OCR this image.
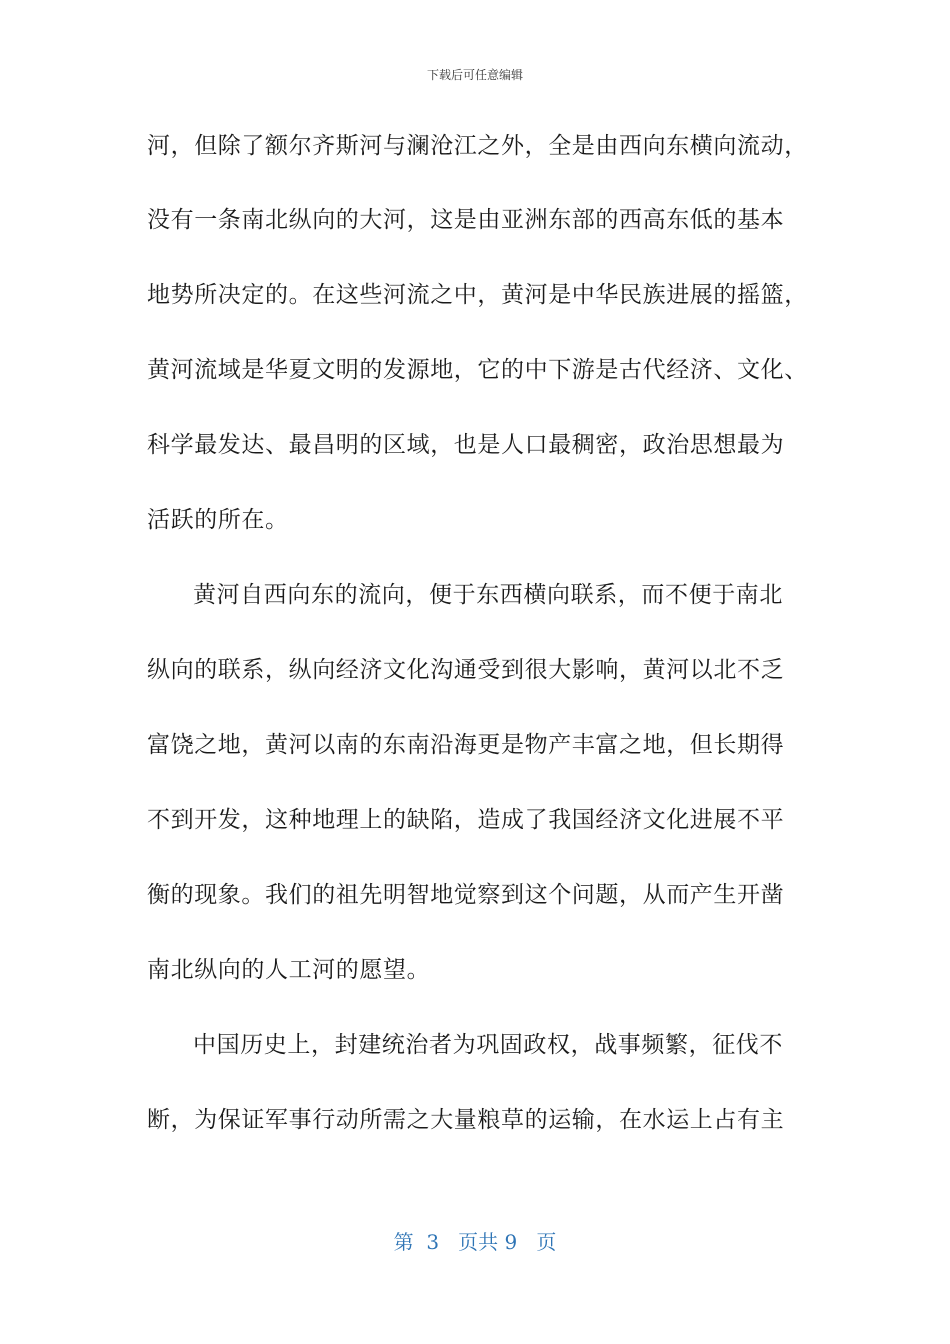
下载后可任意编辑
河，但除了额尔齐斯河与澜沧江之外，全是由西向东横向流动，
没有一条南北纵向的大河，这是由亚洲东部的西高东低的基本
地势所决定的。在这些河流之中，黄河是中华民族进展的摇篮，
黄河流域是华夏文明的发源地，它的中下游是古代经济、文化、
科学最发达、最昌明的区域，也是人口最稠密，政治思想最为
活跃的所在。
黄河自西向东的流向，便于东西横向联系，而不便于南北
纵向的联系，纵向经济文化沟通受到很大影响，黄河以北不乏
富饶之地，黄河以南的东南沿海更是物产丰富之地，但长期得
不到开发，这种地理上的缺陷，造成了我国经济文化进展不平
衡的现象。我们的祖先明智地觉察到这个问题，从而产生开凿
南北纵向的人工河的愿望。
中国历史上，封建统治者为巩固政权，战事频繁，征伐不
断，为保证军事行动所需之大量粮草的运输，在水运上占有主
第  3   页共 9   页
